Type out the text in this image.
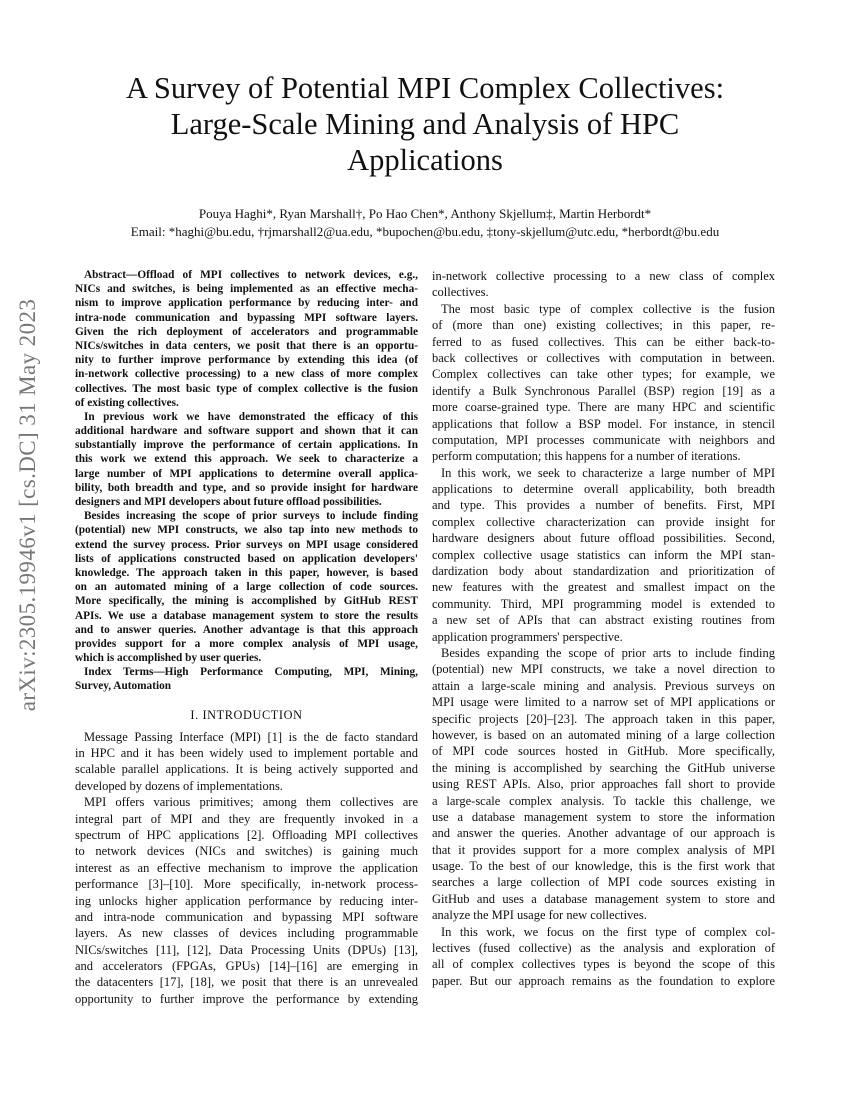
arXiv:2305.19946v1 [cs.DC] 31 May 2023
A Survey of Potential MPI Complex Collectives:
Large-Scale Mining and Analysis of HPC
Applications
Pouya Haghi*, Ryan Marshall†, Po Hao Chen*, Anthony Skjellum‡, Martin Herbordt*
Email: *haghi@bu.edu, †rjmarshall2@ua.edu, *bupochen@bu.edu, ‡tony-skjellum@utc.edu, *herbordt@bu.edu
Abstract—Offload of MPI collectives to network devices, e.g.,
NICs and switches, is being implemented as an effective mecha-
nism to improve application performance by reducing inter- and
intra-node communication and bypassing MPI software layers.
Given the rich deployment of accelerators and programmable
NICs/switches in data centers, we posit that there is an opportu-
nity to further improve performance by extending this idea (of
in-network collective processing) to a new class of more complex
collectives. The most basic type of complex collective is the fusion
of existing collectives.
In previous work we have demonstrated the efficacy of this
additional hardware and software support and shown that it can
substantially improve the performance of certain applications. In
this work we extend this approach. We seek to characterize a
large number of MPI applications to determine overall applica-
bility, both breadth and type, and so provide insight for hardware
designers and MPI developers about future offload possibilities.
Besides increasing the scope of prior surveys to include finding
(potential) new MPI constructs, we also tap into new methods to
extend the survey process. Prior surveys on MPI usage considered
lists of applications constructed based on application developers'
knowledge. The approach taken in this paper, however, is based
on an automated mining of a large collection of code sources.
More specifically, the mining is accomplished by GitHub REST
APIs. We use a database management system to store the results
and to answer queries. Another advantage is that this approach
provides support for a more complex analysis of MPI usage,
which is accomplished by user queries.
Index Terms—High Performance Computing, MPI, Mining,
Survey, Automation
I. INTRODUCTION
Message Passing Interface (MPI) [1] is the de facto standard
in HPC and it has been widely used to implement portable and
scalable parallel applications. It is being actively supported and
developed by dozens of implementations.
MPI offers various primitives; among them collectives are
integral part of MPI and they are frequently invoked in a
spectrum of HPC applications [2]. Offloading MPI collectives
to network devices (NICs and switches) is gaining much
interest as an effective mechanism to improve the application
performance [3]–[10]. More specifically, in-network process-
ing unlocks higher application performance by reducing inter-
and intra-node communication and bypassing MPI software
layers. As new classes of devices including programmable
NICs/switches [11], [12], Data Processing Units (DPUs) [13],
and accelerators (FPGAs, GPUs) [14]–[16] are emerging in
the datacenters [17], [18], we posit that there is an unrevealed
opportunity to further improve the performance by extending
in-network collective processing to a new class of complex
collectives.
The most basic type of complex collective is the fusion
of (more than one) existing collectives; in this paper, re-
ferred to as fused collectives. This can be either back-to-
back collectives or collectives with computation in between.
Complex collectives can take other types; for example, we
identify a Bulk Synchronous Parallel (BSP) region [19] as a
more coarse-grained type. There are many HPC and scientific
applications that follow a BSP model. For instance, in stencil
computation, MPI processes communicate with neighbors and
perform computation; this happens for a number of iterations.
In this work, we seek to characterize a large number of MPI
applications to determine overall applicability, both breadth
and type. This provides a number of benefits. First, MPI
complex collective characterization can provide insight for
hardware designers about future offload possibilities. Second,
complex collective usage statistics can inform the MPI stan-
dardization body about standardization and prioritization of
new features with the greatest and smallest impact on the
community. Third, MPI programming model is extended to
a new set of APIs that can abstract existing routines from
application programmers' perspective.
Besides expanding the scope of prior arts to include finding
(potential) new MPI constructs, we take a novel direction to
attain a large-scale mining and analysis. Previous surveys on
MPI usage were limited to a narrow set of MPI applications or
specific projects [20]–[23]. The approach taken in this paper,
however, is based on an automated mining of a large collection
of MPI code sources hosted in GitHub. More specifically,
the mining is accomplished by searching the GitHub universe
using REST APIs. Also, prior approaches fall short to provide
a large-scale complex analysis. To tackle this challenge, we
use a database management system to store the information
and answer the queries. Another advantage of our approach is
that it provides support for a more complex analysis of MPI
usage. To the best of our knowledge, this is the first work that
searches a large collection of MPI code sources existing in
GitHub and uses a database management system to store and
analyze the MPI usage for new collectives.
In this work, we focus on the first type of complex col-
lectives (fused collective) as the analysis and exploration of
all of complex collectives types is beyond the scope of this
paper. But our approach remains as the foundation to explore
